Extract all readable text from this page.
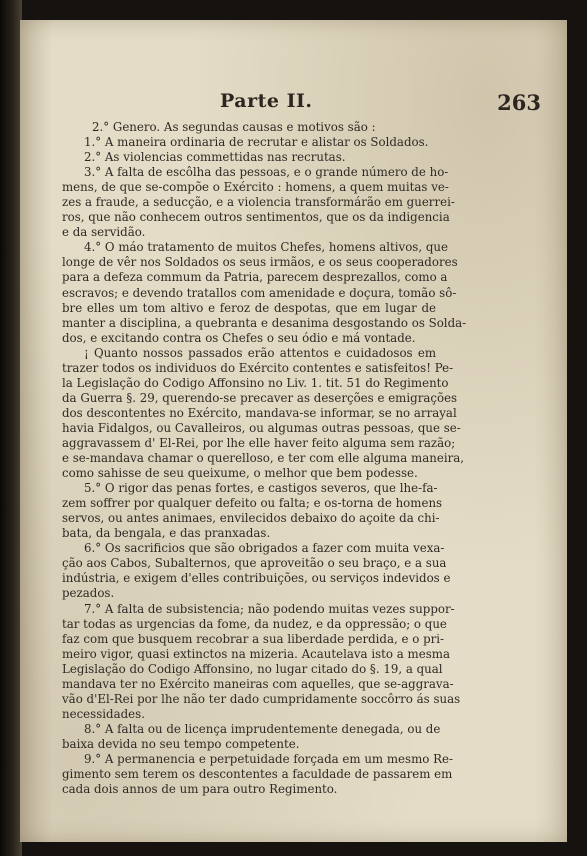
Parte II.	263
2.° Genero. As segundas causas e motivos são :
1.° A maneira ordinaria de recrutar e alistar os Soldados.
2.° As violencias commettidas nas recrutas.
3.° A falta de escôlha das pessoas, e o grande número de ho-
mens, de que se-compõe o Exército : homens, a quem muitas ve-
zes a fraude, a seducção, e a violencia transformárão em guerrei-
ros, que não conhecem outros sentimentos, que os da indigencia
e da servidão.
4.° O máo tratamento de muitos Chefes, homens altivos, que
longe de vêr nos Soldados os seus irmãos, e os seus cooperadores
para a defeza commum da Patria, parecem desprezallos, como a
escravos; e devendo tratallos com amenidade e doçura, tomão sô-
bre elles um tom altivo e feroz de despotas, que em lugar de
manter a disciplina, a quebranta e desanima desgostando os Solda-
dos, e excitando contra os Chefes o seu ódio e má vontade.
¡ Quanto nossos passados erão attentos e cuidadosos em
trazer todos os individuos do Exército contentes e satisfeitos! Pe-
la Legislação do Codigo Affonsino no Liv. 1. tit. 51 do Regimento
da Guerra §. 29, querendo-se precaver as deserções e emigrações
dos descontentes no Exército, mandava-se informar, se no arrayal
havia Fidalgos, ou Cavalleiros, ou algumas outras pessoas, que se-
aggravassem d' El-Rei, por lhe elle haver feito alguma sem razão;
e se-mandava chamar o querelloso, e ter com elle alguma maneira,
como sahisse de seu queixume, o melhor que bem podesse.
5.° O rigor das penas fortes, e castigos severos, que lhe-fa-
zem soffrer por qualquer defeito ou falta; e os-torna de homens
servos, ou antes animaes, envilecidos debaixo do açoite da chi-
bata, da bengala, e das pranxadas.
6.° Os sacrificios que são obrigados a fazer com muita vexa-
ção aos Cabos, Subalternos, que aproveitão o seu braço, e a sua
indústria, e exigem d'elles contribuições, ou serviços indevidos e
pezados.
7.° A falta de subsistencia; não podendo muitas vezes suppor-
tar todas as urgencias da fome, da nudez, e da oppressão; o que
faz com que busquem recobrar a sua liberdade perdida, e o pri-
meiro vigor, quasi extinctos na mizeria. Acautelava isto a mesma
Legislação do Codigo Affonsino, no lugar citado do §. 19, a qual
mandava ter no Exército maneiras com aquelles, que se-aggrava-
vão d'El-Rei por lhe não ter dado cumpridamente soccôrro ás suas
necessidades.
8.° A falta ou de licença imprudentemente denegada, ou de
baixa devida no seu tempo competente.
9.° A permanencia e perpetuidade forçada em um mesmo Re-
gimento sem terem os descontentes a faculdade de passarem em
cada dois annos de um para outro Regimento.
